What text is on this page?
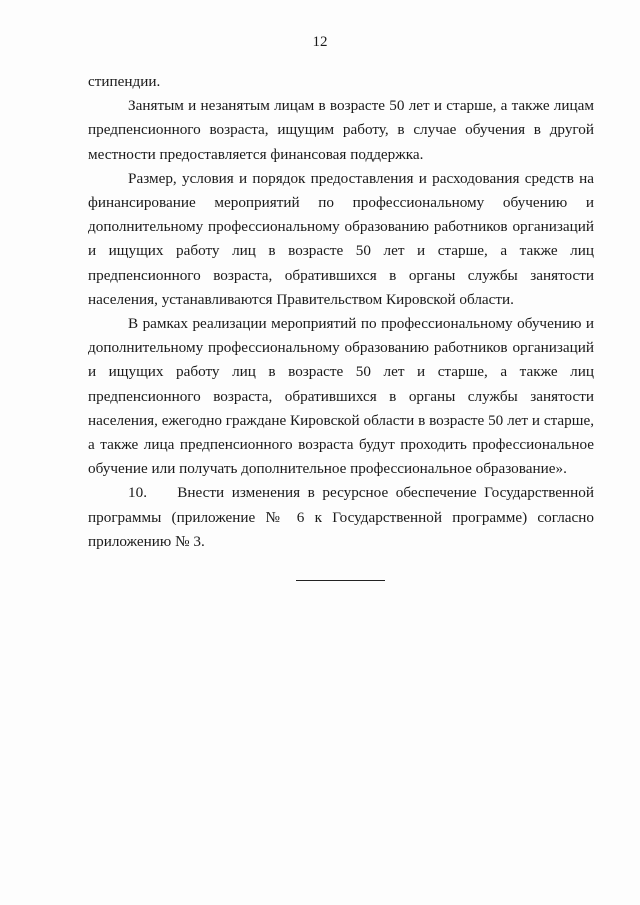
12

стипендии.

Занятым и незанятым лицам в возрасте 50 лет и старше, а также лицам предпенсионного возраста, ищущим работу, в случае обучения в другой местности предоставляется финансовая поддержка.

Размер, условия и порядок предоставления и расходования средств на финансирование мероприятий по профессиональному обучению и дополнительному профессиональному образованию работников организаций и ищущих работу лиц в возрасте 50 лет и старше, а также лиц предпенсионного возраста, обратившихся в органы службы занятости населения, устанавливаются Правительством Кировской области.

В рамках реализации мероприятий по профессиональному обучению и дополнительному профессиональному образованию работников организаций и ищущих работу лиц в возрасте 50 лет и старше, а также лиц предпенсионного возраста, обратившихся в органы службы занятости населения, ежегодно граждане Кировской области в возрасте 50 лет и старше, а также лица предпенсионного возраста будут проходить профессиональное обучение или получать дополнительное профессиональное образование».

10.    Внести изменения в ресурсное обеспечение Государственной программы (приложение № 6 к Государственной программе) согласно приложению № 3.
